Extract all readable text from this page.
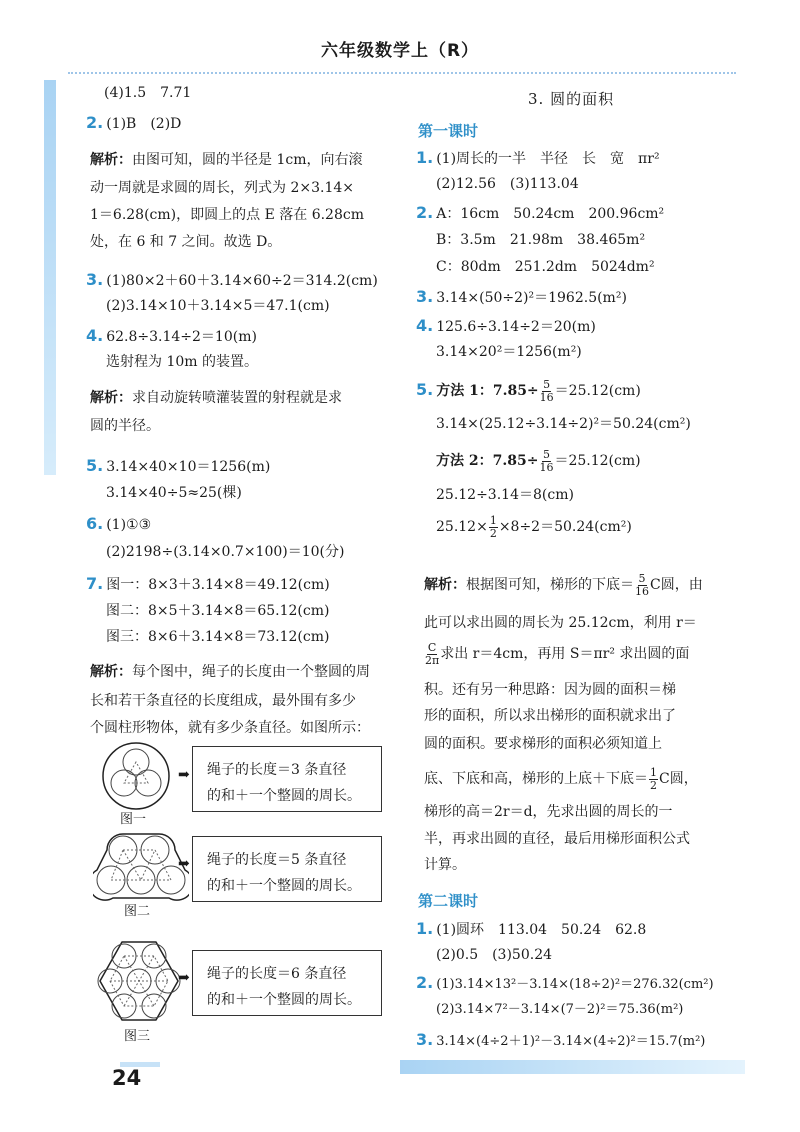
六年级数学上（R）
24
(4)1.5　7.71
2. (1)B　(2)D
解析：由图可知，圆的半径是 1cm，向右滚
动一周就是求圆的周长，列式为 2×3.14×
1＝6.28(cm)，即圆上的点 E 落在 6.28cm
处，在 6 和 7 之间。故选 D。
3. (1)80×2＋60＋3.14×60÷2＝314.2(cm)
(2)3.14×10＋3.14×5＝47.1(cm)
4. 62.8÷3.14÷2＝10(m)
选射程为 10m 的装置。
解析：求自动旋转喷灌装置的射程就是求
圆的半径。
5. 3.14×40×10＝1256(m)
3.14×40÷5≈25(棵)
6. (1)①③
(2)2198÷(3.14×0.7×100)＝10(分)
7. 图一：8×3＋3.14×8＝49.12(cm)
图二：8×5＋3.14×8＝65.12(cm)
图三：8×6＋3.14×8＝73.12(cm)
解析：每个图中，绳子的长度由一个整圆的周
长和若干条直径的长度组成，最外围有多少
个圆柱形物体，就有多少条直径。如图所示：
➡ 绳子的长度＝3 条直径
的和＋一个整圆的周长。
图一
➡ 绳子的长度＝5 条直径
的和＋一个整圆的周长。
图二
➡ 绳子的长度＝6 条直径
的和＋一个整圆的周长。
图三
3. 圆的面积
第一课时
1. (1)周长的一半　半径　长　宽　πr²
(2)12.56　(3)113.04
2. A：16cm　50.24cm　200.96cm²
B：3.5m　21.98m　38.465m²
C：80dm　251.2dm　5024dm²
3. 3.14×(50÷2)²＝1962.5(m²)
4. 125.6÷3.14÷2＝20(m)
3.14×20²＝1256(m²)
5. 方法 1：$7.85\div \frac{5}{16} =25.12(cm)$
3.14×(25.12÷3.14÷2)²＝50.24(cm²)
方法 2：$7.85\div \frac{5}{16} =25.12(cm)$
25.12÷3.14＝8(cm)
$25.12\times \frac{1}{2} \times 8\div 2=50.24(cm^2)$
解析：根据图可知，梯形的下底＝ $\frac{5}{16}$ C圆，由
此可以求出圆的周长为 25.12cm，利用 r＝
$\frac{C}{2\pi}$ 求出 r＝4cm，再用 S＝πr² 求出圆的面
积。还有另一种思路：因为圆的面积＝梯
形的面积，所以求出梯形的面积就求出了
圆的面积。要求梯形的面积必须知道上
底、下底和高，梯形的上底＋下底＝ $\frac{1}{2}$ C圆，
梯形的高＝2r＝d，先求出圆的周长的一
半，再求出圆的直径，最后用梯形面积公式
计算。
第二课时
1. (1)圆环　113.04　50.24　62.8
(2)0.5　(3)50.24
2. (1)3.14×13²－3.14×(18÷2)²＝276.32(cm²)
(2)3.14×7²－3.14×(7－2)²＝75.36(m²)
3. 3.14×(4÷2＋1)²－3.14×(4÷2)²＝15.7(m²)
